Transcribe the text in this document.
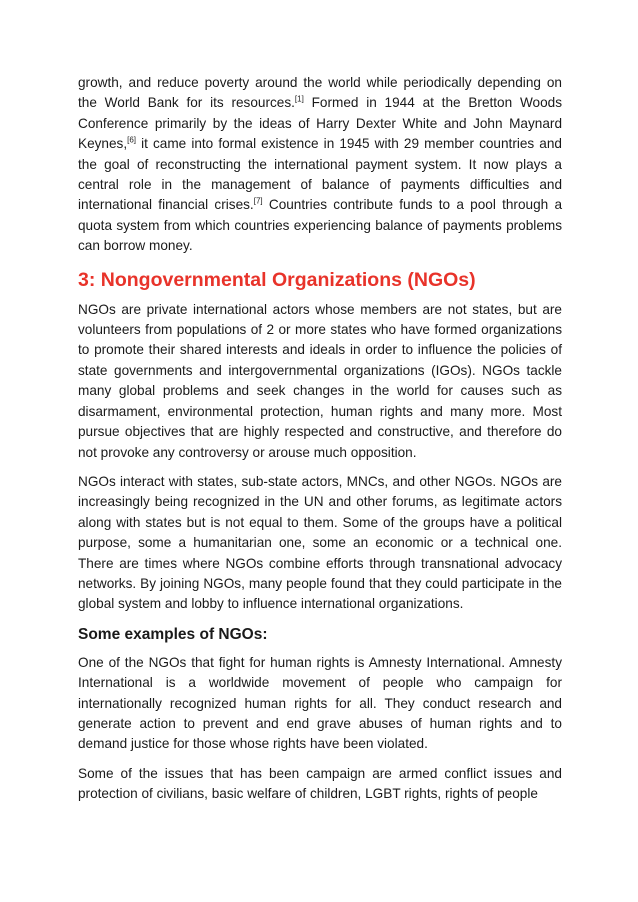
growth, and reduce poverty around the world while periodically depending on the World Bank for its resources.[1] Formed in 1944 at the Bretton Woods Conference primarily by the ideas of Harry Dexter White and John Maynard Keynes,[6] it came into formal existence in 1945 with 29 member countries and the goal of reconstructing the international payment system. It now plays a central role in the management of balance of payments difficulties and international financial crises.[7] Countries contribute funds to a pool through a quota system from which countries experiencing balance of payments problems can borrow money.

3: Nongovernmental Organizations (NGOs)

NGOs are private international actors whose members are not states, but are volunteers from populations of 2 or more states who have formed organizations to promote their shared interests and ideals in order to influence the policies of state governments and intergovernmental organizations (IGOs). NGOs tackle many global problems and seek changes in the world for causes such as disarmament, environmental protection, human rights and many more. Most pursue objectives that are highly respected and constructive, and therefore do not provoke any controversy or arouse much opposition.

NGOs interact with states, sub-state actors, MNCs, and other NGOs. NGOs are increasingly being recognized in the UN and other forums, as legitimate actors along with states but is not equal to them. Some of the groups have a political purpose, some a humanitarian one, some an economic or a technical one. There are times where NGOs combine efforts through transnational advocacy networks. By joining NGOs, many people found that they could participate in the global system and lobby to influence international organizations.

Some examples of NGOs:

One of the NGOs that fight for human rights is Amnesty International. Amnesty International is a worldwide movement of people who campaign for internationally recognized human rights for all. They conduct research and generate action to prevent and end grave abuses of human rights and to demand justice for those whose rights have been violated.

Some of the issues that has been campaign are armed conflict issues and protection of civilians, basic welfare of children, LGBT rights, rights of people
